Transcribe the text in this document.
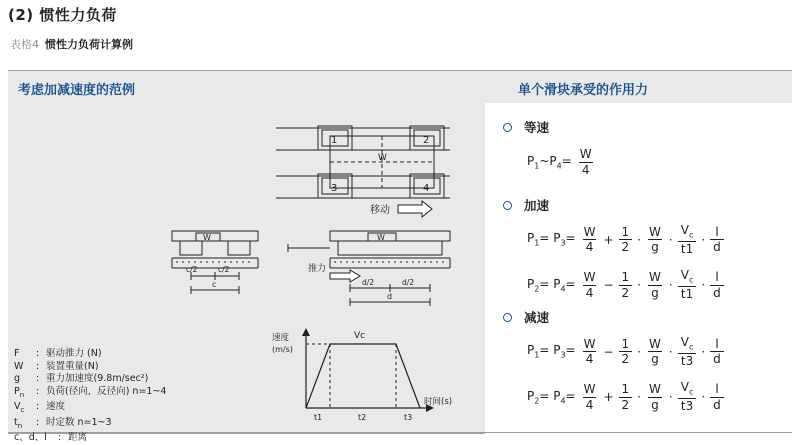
(2) 惯性力负荷
表格4 惯性力负荷计算例
考虑加减速度的范例	单个滑块承受的作用力
1	2
3	4
W
移动
W
c/2	c/2
c
W
推力
d/2	d/2
d
速度
(m/s)
Vc
时间(s)
t1	t2	t3
F : 驱动推力 (N)
W : 装置重量(N)
g : 重力加速度(9.8m/sec²)
$P_n$ : 负荷(径向，反径向) n=1~4
$V_c$ : 速度
$t_n$ : 时定数 n=1~3
c、d、l : 距离
等速
$P_1\sim P_4= \frac{W}{4}$
加速
$P_1= P_3= \frac{W}{4} + \frac{1}{2} \cdot \frac{W}{g} \cdot \frac{V_c}{t1} \cdot \frac{l}{d}$
$P_2= P_4= \frac{W}{4} - \frac{1}{2} \cdot \frac{W}{g} \cdot \frac{V_c}{t1} \cdot \frac{l}{d}$
减速
$P_1= P_3= \frac{W}{4} - \frac{1}{2} \cdot \frac{W}{g} \cdot \frac{V_c}{t3} \cdot \frac{l}{d}$
$P_2= P_4= \frac{W}{4} + \frac{1}{2} \cdot \frac{W}{g} \cdot \frac{V_c}{t3} \cdot \frac{l}{d}$
